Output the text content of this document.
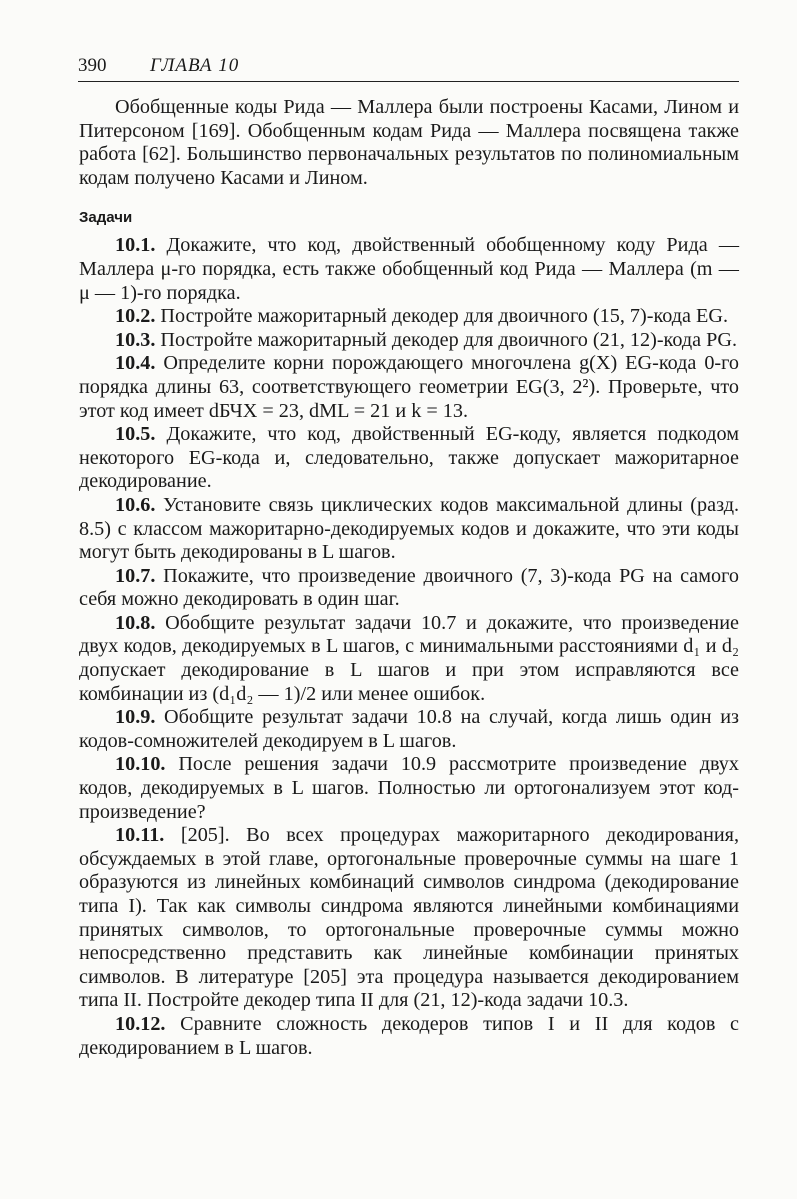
390 ГЛАВА 10

Обобщенные коды Рида — Маллера были построены Касами, Лином и Питерсоном [169]. Обобщенным кодам Рида — Маллера посвящена также работа [62]. Большинство первоначальных результатов по полиномиальным кодам получено Касами и Лином.

Задачи

10.1. Докажите, что код, двойственный обобщенному коду Рида — Маллера μ-го порядка, есть также обобщенный код Рида — Маллера (m — μ — 1)-го порядка.

10.2. Постройте мажоритарный декодер для двоичного (15, 7)-кода EG.

10.3. Постройте мажоритарный декодер для двоичного (21, 12)-кода PG.

10.4. Определите корни порождающего многочлена g(X) EG-кода 0-го порядка длины 63, соответствующего геометрии EG(3, 2²). Проверьте, что этот код имеет dБЧХ = 23, dML = 21 и k = 13.

10.5. Докажите, что код, двойственный EG-коду, является подкодом некоторого EG-кода и, следовательно, также допускает мажоритарное декодирование.

10.6. Установите связь циклических кодов максимальной длины (разд. 8.5) с классом мажоритарно-декодируемых кодов и докажите, что эти коды могут быть декодированы в L шагов.

10.7. Покажите, что произведение двоичного (7, 3)-кода PG на самого себя можно декодировать в один шаг.

10.8. Обобщите результат задачи 10.7 и докажите, что произведение двух кодов, декодируемых в L шагов, с минимальными расстояниями d₁ и d₂ допускает декодирование в L шагов и при этом исправляются все комбинации из (d₁d₂ — 1)/2 или менее ошибок.

10.9. Обобщите результат задачи 10.8 на случай, когда лишь один из кодов-сомножителей декодируем в L шагов.

10.10. После решения задачи 10.9 рассмотрите произведение двух кодов, декодируемых в L шагов. Полностью ли ортогонализуем этот код-произведение?

10.11. [205]. Во всех процедурах мажоритарного декодирования, обсуждаемых в этой главе, ортогональные проверочные суммы на шаге 1 образуются из линейных комбинаций символов синдрома (декодирование типа I). Так как символы синдрома являются линейными комбинациями принятых символов, то ортогональные проверочные суммы можно непосредственно представить как линейные комбинации принятых символов. В литературе [205] эта процедура называется декодированием типа II. Постройте декодер типа II для (21, 12)-кода задачи 10.3.

10.12. Сравните сложность декодеров типов I и II для кодов с декодированием в L шагов.
